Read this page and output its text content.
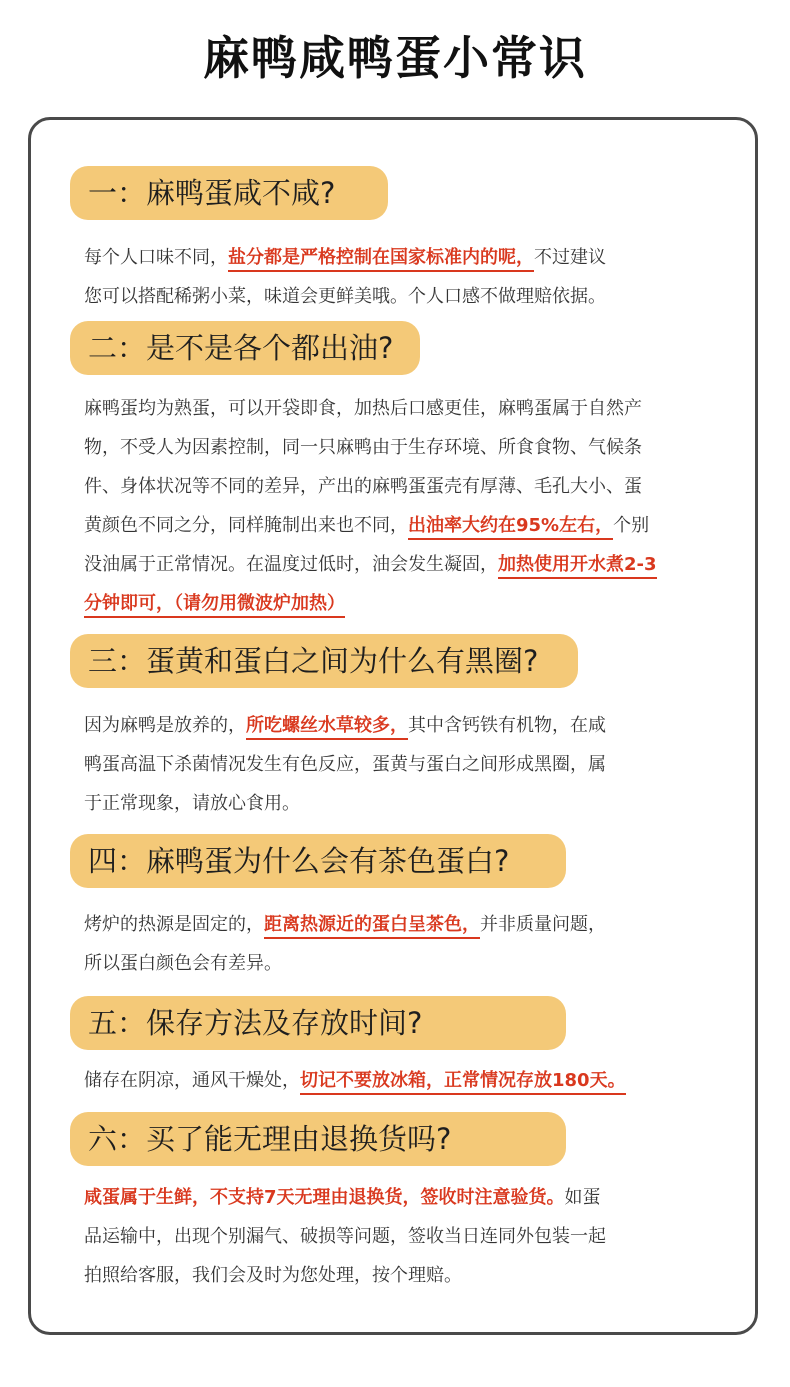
麻鸭咸鸭蛋小常识
一：麻鸭蛋咸不咸?
每个人口味不同，盐分都是严格控制在国家标准内的呢，不过建议
您可以搭配稀粥小菜，味道会更鲜美哦。个人口感不做理赔依据。
二：是不是各个都出油?
麻鸭蛋均为熟蛋，可以开袋即食，加热后口感更佳，麻鸭蛋属于自然产
物，不受人为因素控制，同一只麻鸭由于生存环境、所食食物、气候条
件、身体状况等不同的差异，产出的麻鸭蛋蛋壳有厚薄、毛孔大小、蛋
黄颜色不同之分，同样腌制出来也不同，出油率大约在95%左右，个别
没油属于正常情况。在温度过低时，油会发生凝固，加热使用开水煮2-3
分钟即可，（请勿用微波炉加热）
三：蛋黄和蛋白之间为什么有黑圈?
因为麻鸭是放养的，所吃螺丝水草较多，其中含钙铁有机物，在咸
鸭蛋高温下杀菌情况发生有色反应，蛋黄与蛋白之间形成黑圈，属
于正常现象，请放心食用。
四：麻鸭蛋为什么会有茶色蛋白?
烤炉的热源是固定的，距离热源近的蛋白呈茶色，并非质量问题，
所以蛋白颜色会有差异。
五：保存方法及存放时间?
储存在阴凉，通风干燥处，切记不要放冰箱，正常情况存放180天。
六：买了能无理由退换货吗?
咸蛋属于生鲜，不支持7天无理由退换货，签收时注意验货。如蛋
品运输中，出现个别漏气、破损等问题，签收当日连同外包装一起
拍照给客服，我们会及时为您处理，按个理赔。
